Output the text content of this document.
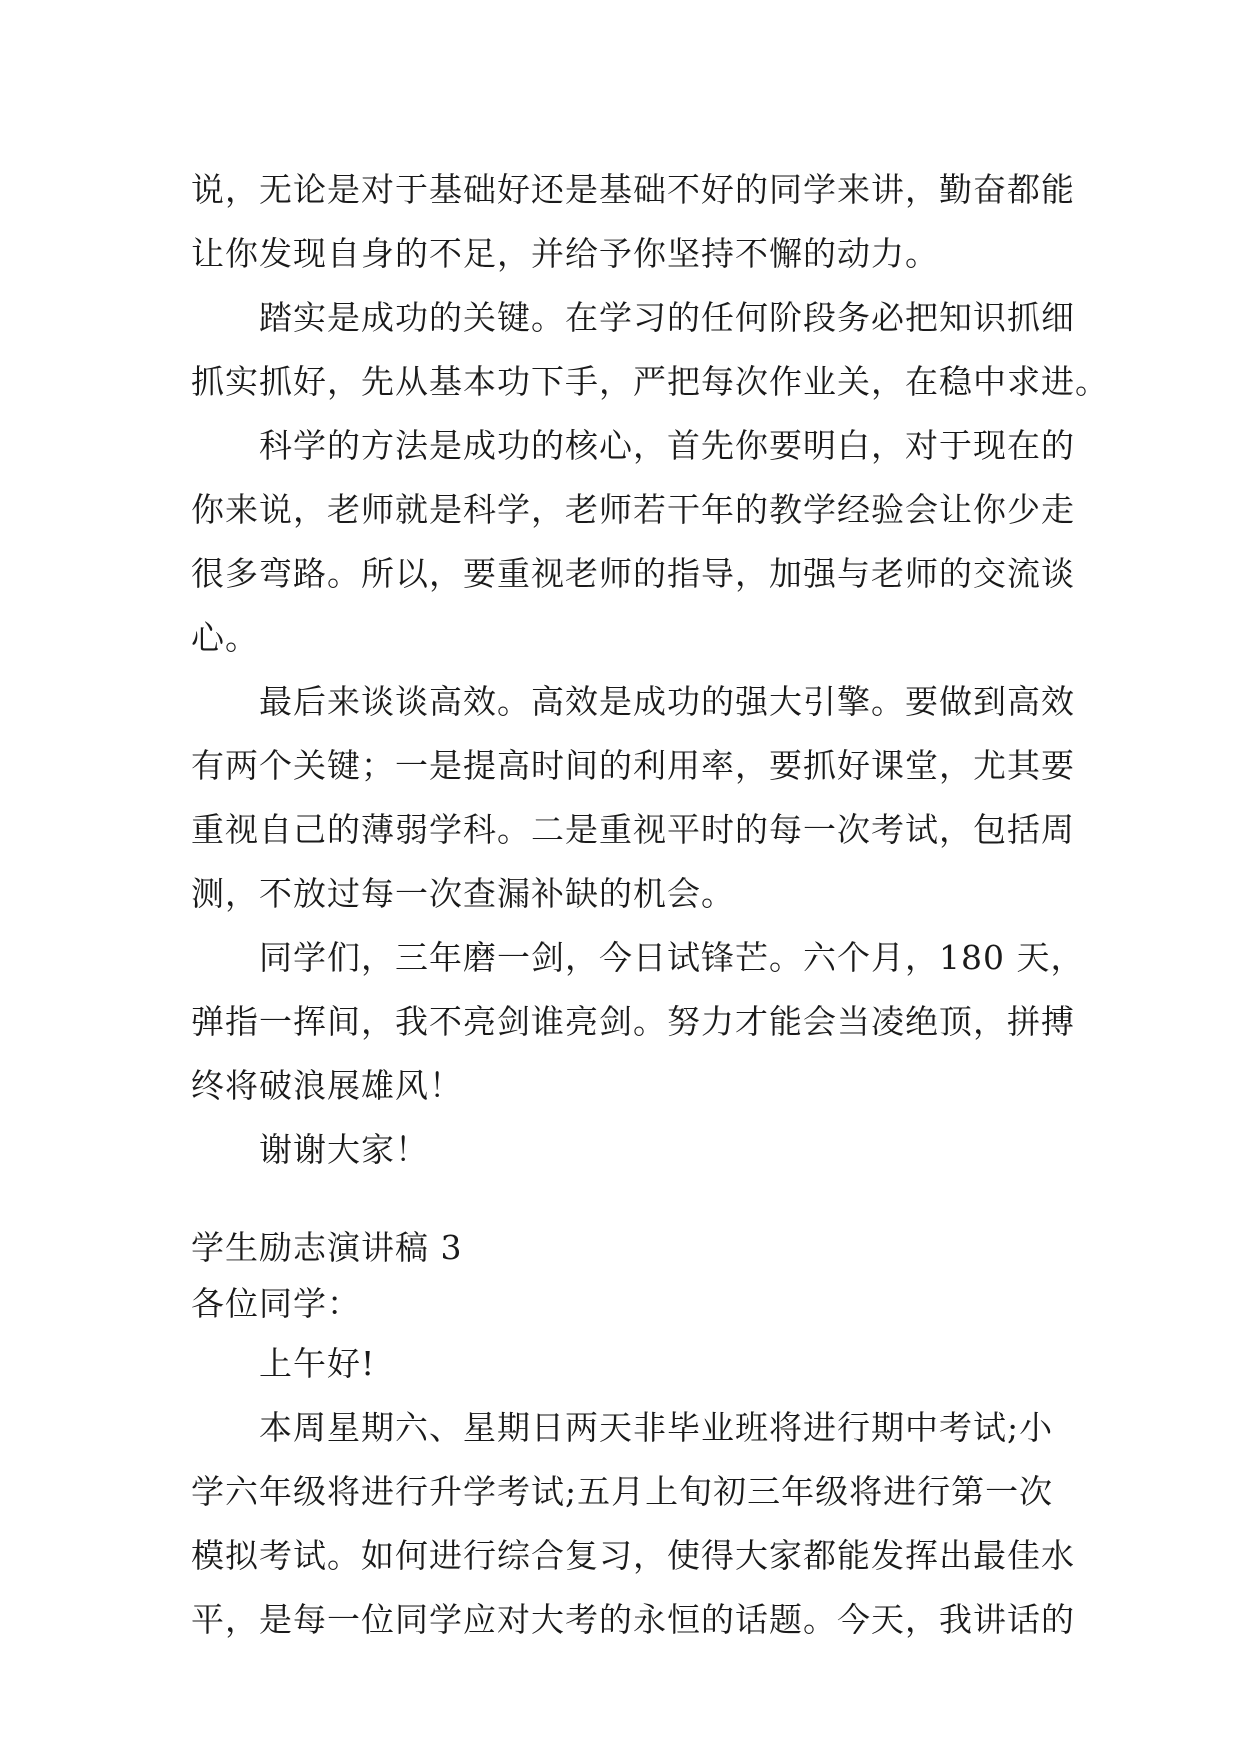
说，无论是对于基础好还是基础不好的同学来讲，勤奋都能
让你发现自身的不足，并给予你坚持不懈的动力。
踏实是成功的关键。在学习的任何阶段务必把知识抓细
抓实抓好，先从基本功下手，严把每次作业关，在稳中求进。
科学的方法是成功的核心，首先你要明白，对于现在的
你来说，老师就是科学，老师若干年的教学经验会让你少走
很多弯路。所以，要重视老师的指导，加强与老师的交流谈
心。
最后来谈谈高效。高效是成功的强大引擎。要做到高效
有两个关键；一是提高时间的利用率，要抓好课堂，尤其要
重视自己的薄弱学科。二是重视平时的每一次考试，包括周
测，不放过每一次查漏补缺的机会。
同学们，三年磨一剑，今日试锋芒。六个月，180 天，
弹指一挥间，我不亮剑谁亮剑。努力才能会当凌绝顶，拼搏
终将破浪展雄风！
谢谢大家！
学生励志演讲稿 3
各位同学：
上午好!
本周星期六、星期日两天非毕业班将进行期中考试;小
学六年级将进行升学考试;五月上旬初三年级将进行第一次
模拟考试。如何进行综合复习，使得大家都能发挥出最佳水
平，是每一位同学应对大考的永恒的话题。今天，我讲话的
